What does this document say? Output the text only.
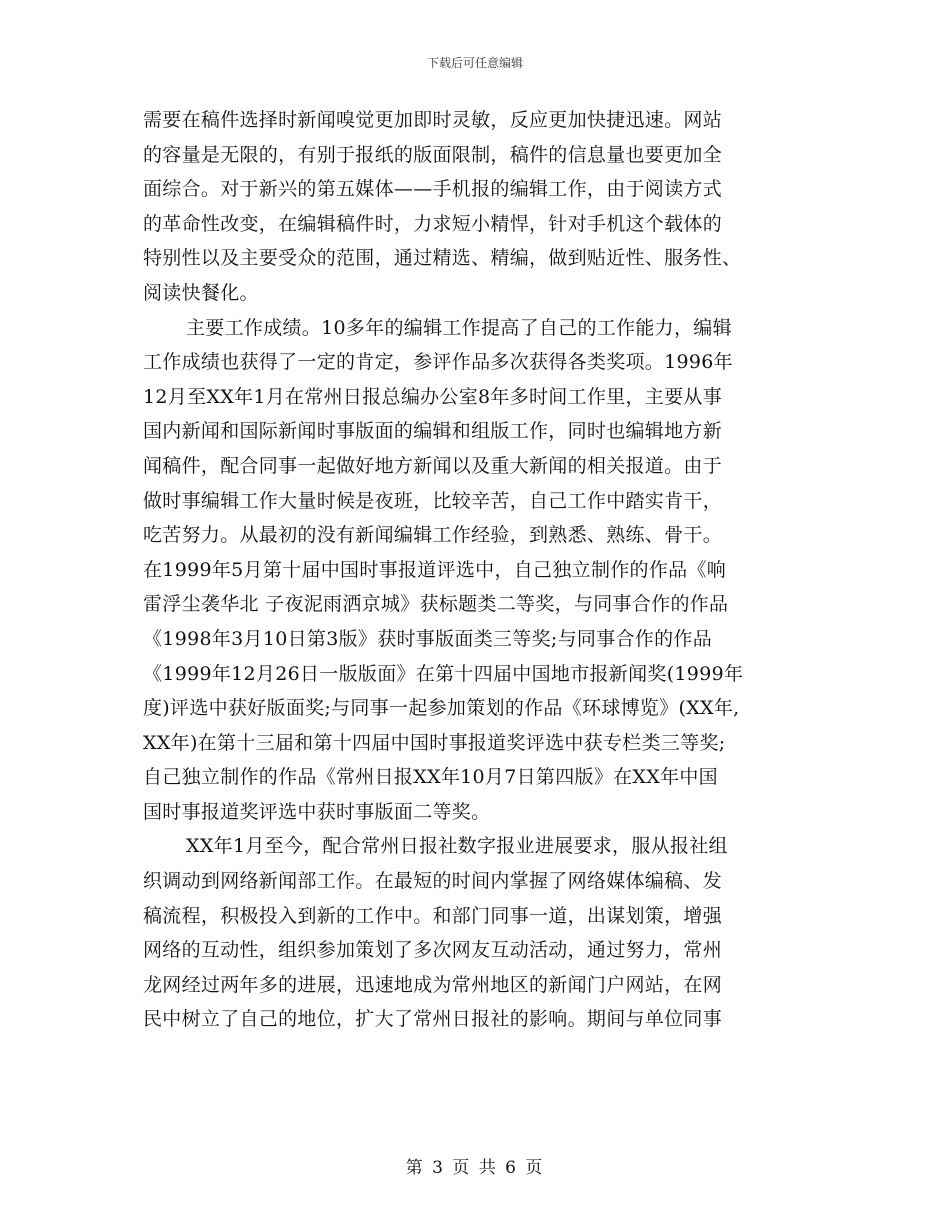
下载后可任意编辑
需要在稿件选择时新闻嗅觉更加即时灵敏，反应更加快捷迅速。网站
的容量是无限的，有别于报纸的版面限制，稿件的信息量也要更加全
面综合。对于新兴的第五媒体——手机报的编辑工作，由于阅读方式
的革命性改变，在编辑稿件时，力求短小精悍，针对手机这个载体的
特别性以及主要受众的范围，通过精选、精编，做到贴近性、服务性、
阅读快餐化。
主要工作成绩。10多年的编辑工作提高了自己的工作能力，编辑
工作成绩也获得了一定的肯定，参评作品多次获得各类奖项。1996年
12月至XX年1月在常州日报总编办公室8年多时间工作里，主要从事
国内新闻和国际新闻时事版面的编辑和组版工作，同时也编辑地方新
闻稿件，配合同事一起做好地方新闻以及重大新闻的相关报道。由于
做时事编辑工作大量时候是夜班，比较辛苦，自己工作中踏实肯干，
吃苦努力。从最初的没有新闻编辑工作经验，到熟悉、熟练、骨干。
在1999年5月第十届中国时事报道评选中，自己独立制作的作品《响
雷浮尘袭华北 子夜泥雨洒京城》获标题类二等奖，与同事合作的作品
《1998年3月10日第3版》获时事版面类三等奖;与同事合作的作品
《1999年12月26日一版版面》在第十四届中国地市报新闻奖(1999年
度)评选中获好版面奖;与同事一起参加策划的作品《环球博览》(XX年,
XX年)在第十三届和第十四届中国时事报道奖评选中获专栏类三等奖;
自己独立制作的作品《常州日报XX年10月7日第四版》在XX年中国
国时事报道奖评选中获时事版面二等奖。
XX年1月至今，配合常州日报社数字报业进展要求，服从报社组
织调动到网络新闻部工作。在最短的时间内掌握了网络媒体编稿、发
稿流程，积极投入到新的工作中。和部门同事一道，出谋划策，增强
网络的互动性，组织参加策划了多次网友互动活动，通过努力，常州
龙网经过两年多的进展，迅速地成为常州地区的新闻门户网站，在网
民中树立了自己的地位，扩大了常州日报社的影响。期间与单位同事
第 3 页 共 6 页
